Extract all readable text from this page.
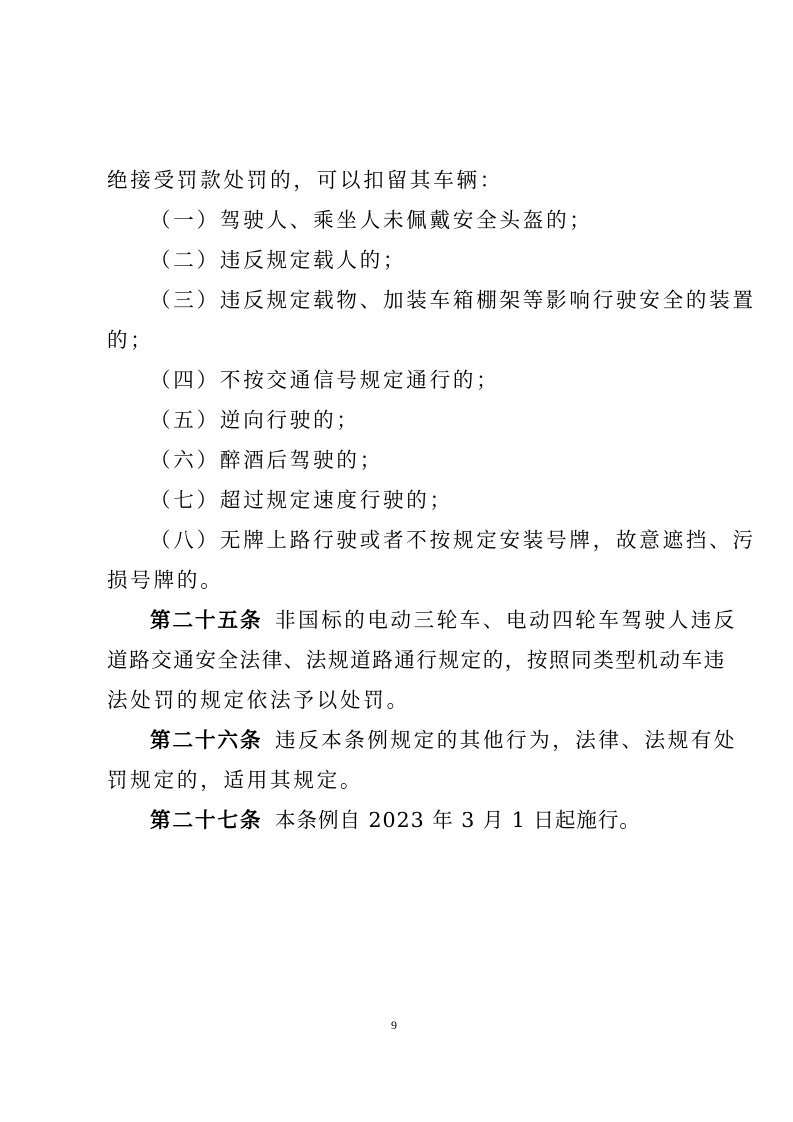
绝接受罚款处罚的，可以扣留其车辆：
（一）驾驶人、乘坐人未佩戴安全头盔的；
（二）违反规定载人的；
（三）违反规定载物、加装车箱棚架等影响行驶安全的装置
的；
（四）不按交通信号规定通行的；
（五）逆向行驶的；
（六）醉酒后驾驶的；
（七）超过规定速度行驶的；
（八）无牌上路行驶或者不按规定安装号牌，故意遮挡、污
损号牌的。
第二十五条 非国标的电动三轮车、电动四轮车驾驶人违反
道路交通安全法律、法规道路通行规定的，按照同类型机动车违
法处罚的规定依法予以处罚。
第二十六条 违反本条例规定的其他行为，法律、法规有处
罚规定的，适用其规定。
第二十七条 本条例自 2023 年 3 月 1 日起施行。
9
